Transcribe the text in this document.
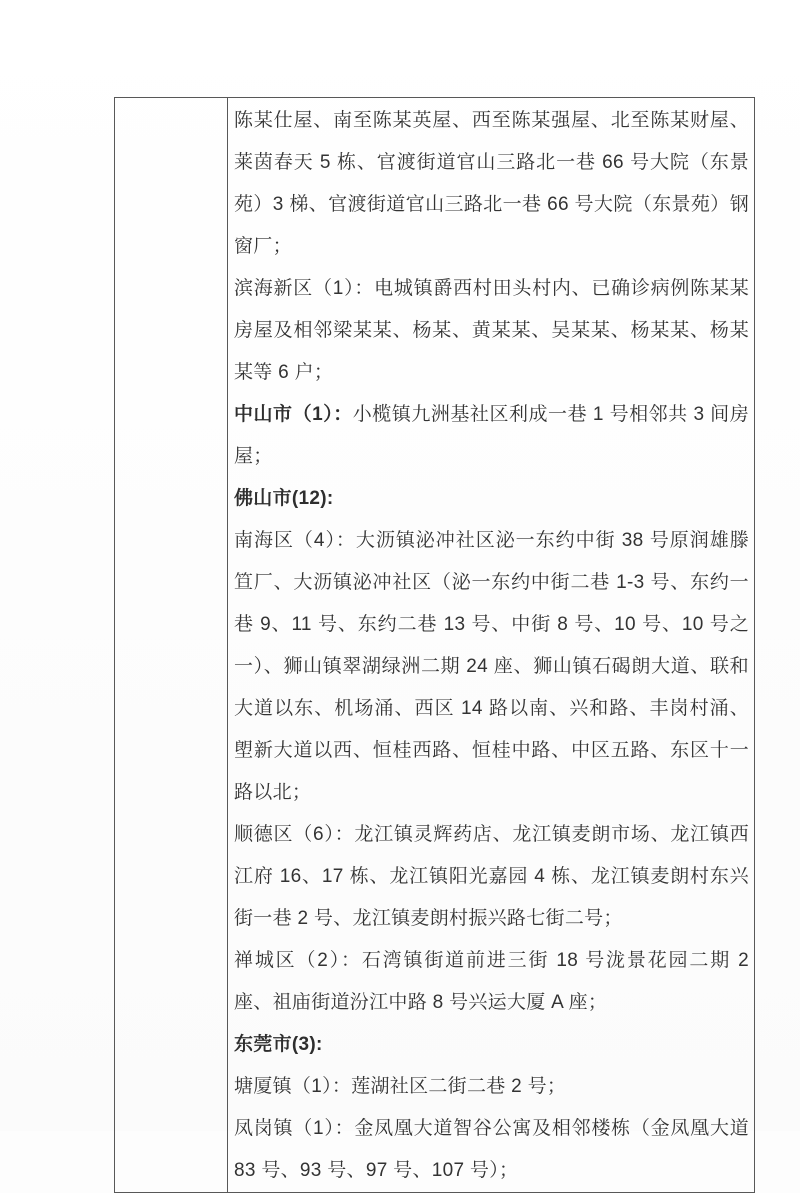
陈某仕屋、南至陈某英屋、西至陈某强屋、北至陈某财屋、莱茵春天 5 栋、官渡街道官山三路北一巷 66 号大院（东景苑）3 梯、官渡街道官山三路北一巷 66 号大院（东景苑）钢窗厂；

滨海新区（1）：电城镇爵西村田头村内、已确诊病例陈某某房屋及相邻梁某某、杨某、黄某某、吴某某、杨某某、杨某某等 6 户；

中山市（1）：小榄镇九洲基社区利成一巷 1 号相邻共 3 间房屋；

佛山市(12):

南海区（4）：大沥镇泌冲社区泌一东约中街 38 号原润雄滕笪厂、大沥镇泌冲社区（泌一东约中街二巷 1-3 号、东约一巷 9、11 号、东约二巷 13 号、中街 8 号、10 号、10 号之一）、狮山镇翠湖绿洲二期 24 座、狮山镇石碣朗大道、联和大道以东、机场涌、西区 14 路以南、兴和路、丰岗村涌、塱新大道以西、恒桂西路、恒桂中路、中区五路、东区十一路以北；

顺德区（6）：龙江镇灵辉药店、龙江镇麦朗市场、龙江镇西江府 16、17 栋、龙江镇阳光嘉园 4 栋、龙江镇麦朗村东兴街一巷 2 号、龙江镇麦朗村振兴路七街二号；

禅城区（2）：石湾镇街道前进三街 18 号泷景花园二期 2 座、祖庙街道汾江中路 8 号兴运大厦 A 座；

东莞市(3):

塘厦镇（1）：莲湖社区二街二巷 2 号；

凤岗镇（1）：金凤凰大道智谷公寓及相邻楼栋（金凤凰大道 83 号、93 号、97 号、107 号）；
